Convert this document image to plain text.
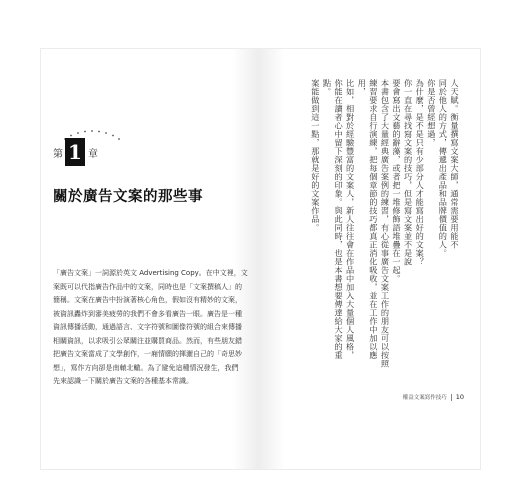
第 1 章
關於廣告文案的那些事

「廣告文案」一詞源於英文 Advertising Copy。在中文裡，文
案既可以代指廣告作品中的文案，同時也是「文案撰稿人」的
簡稱。文案在廣告中扮演著核心角色，假如沒有精妙的文案，
被資訊轟炸到審美疲勞的我們不會多看廣告一眼。廣告是一種
資訊傳播活動，通過語言、文字符號和圖像符號的組合來傳播
相關資訊，以求吸引公眾關注並購買商品。然而，有些朋友錯
把廣告文案當成了文學創作，一廂情願的揮灑自己的「奇思妙
想」，寫作方向卻是南轅北轍。為了避免這種情況發生，我們
先來認識一下關於廣告文案的各種基本常識。

人天賦。衡量撰寫文案大師，通常需要用能不
同於他人的方式，傳遞出產品和品牌價值的人。
你是否曾經想過，
為什麼，是不是只有少部分人才能寫出好的文案？
你一直在尋找寫文案的技巧，但是寫文案並不是說
要會寫出文藝的辭藻，或者把一堆修飾語堆疊在一起。
本書包含了大量經典廣告案例的練習，有心從事廣告文案工作的朋友可以按照
練習要求自行演練，把每個章節的技巧都真正消化吸收，並在工作中加以應用，
比如，相對於經驗豐富的文案人，新人往往會在作品中加入大量個人風格，
你能在讀者心中留下深刻的印象。與此同時，也是本書想要傳達給大家的重點。
案能做到這一點，那就是好的文案作品。
權益文案寫作技巧 10
